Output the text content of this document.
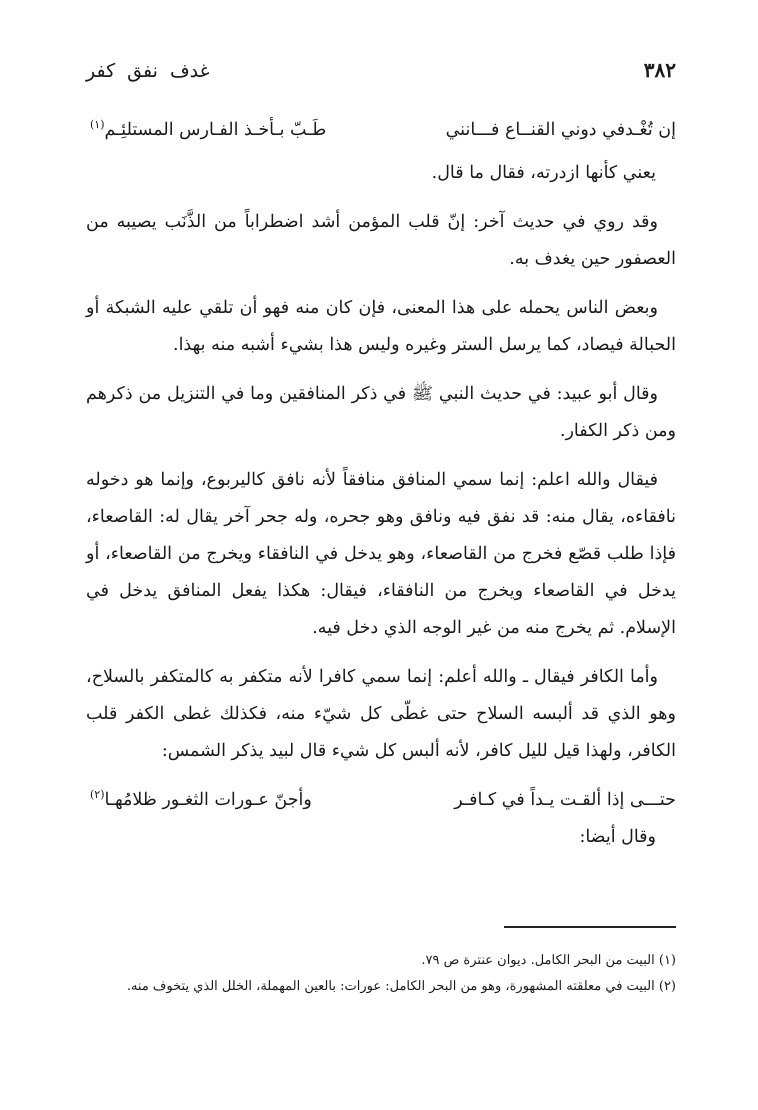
٣٨٢
غدف نفق كفر
إن تُغْـدفي دوني القنــاع فـــانني
طَـبّ بـأخـذ الفـارس المستلئِـم$^{(١)}$

يعني كأنها ازدرته، فقال ما قال.

وقد روي في حديث آخر: إنّ قلب المؤمن أشد اضطراباً من الذَّنَب يصيبه من العصفور حين يغدف به.

وبعض الناس يحمله على هذا المعنى، فإن كان منه فهو أن تلقي عليه الشبكة أو الحبالة فيصاد، كما يرسل الستر وغيره وليس هذا بشيء أشبه منه بهذا.

وقال أبو عبيد: في حديث النبي ﷺ في ذكر المنافقين وما في التنزيل من ذكرهم ومن ذكر الكفار.

فيقال والله اعلم: إنما سمي المنافق منافقاً لأنه نافق كاليربوع، وإنما هو دخوله نافقاءه، يقال منه: قد نفق فيه ونافق وهو جحره، وله جحر آخر يقال له: القاصعاء، فإذا طلب قصّع فخرج من القاصعاء، وهو يدخل في النافقاء ويخرج من القاصعاء، أو يدخل في القاصعاء ويخرج من النافقاء، فيقال: هكذا يفعل المنافق يدخل في الإسلام. ثم يخرج منه من غير الوجه الذي دخل فيه.

وأما الكافر فيقال ـ والله أعلم: إنما سمي كافرا لأنه متكفر به كالمتكفر بالسلاح، وهو الذي قد ألبسه السلاح حتى غطّى كل شيّء منه، فكذلك غطى الكفر قلب الكافر، ولهذا قيل لليل كافر، لأنه ألبس كل شيء قال لبيد يذكر الشمس:

حتـــى إذا ألقـت يـداً في كـافـر
وأجنّ عـورات الثغـور ظلامُهـا$^{(٢)}$

وقال أيضا:

(١) البيت من البحر الكامل. ديوان عنترة ص ٧٩.

(٢) البيت في معلقته المشهورة، وهو من البحر الكامل: عورات: بالعين المهملة، الخلل الذي يتخوف منه.
